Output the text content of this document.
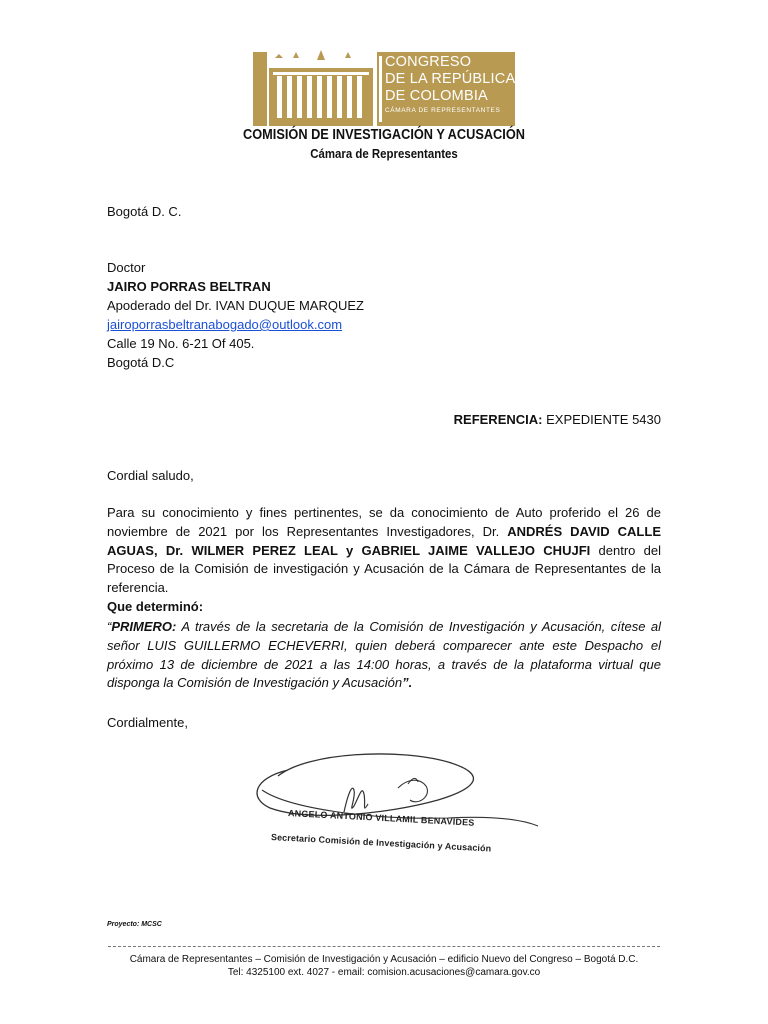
CONGRESO
DE LA REPÚBLICA
DE COLOMBIA
CÁMARA DE REPRESENTANTES
COMISIÓN DE INVESTIGACIÓN Y ACUSACIÓN
Cámara de Representantes
Bogotá D. C.
Doctor
JAIRO PORRAS BELTRAN
Apoderado del Dr. IVAN DUQUE MARQUEZ
jairoporrasbeltranabogado@outlook.com
Calle 19 No. 6-21 Of 405.
Bogotá D.C
REFERENCIA: EXPEDIENTE 5430
Cordial saludo,
Para su conocimiento y fines pertinentes, se da conocimiento de Auto proferido el 26 de noviembre de 2021 por los Representantes Investigadores, Dr. ANDRÉS DAVID CALLE AGUAS, Dr. WILMER PEREZ LEAL y GABRIEL JAIME VALLEJO CHUJFI dentro del Proceso de la Comisión de investigación y Acusación de la Cámara de Representantes de la referencia.
Que determinó:
“PRIMERO: A través de la secretaria de la Comisión de Investigación y Acusación, cítese al señor LUIS GUILLERMO ECHEVERRI, quien deberá comparecer ante este Despacho el próximo 13 de diciembre de 2021 a las 14:00 horas, a través de la plataforma virtual que disponga la Comisión de Investigación y Acusación”.
Cordialmente,
ANGELO ANTONIO VILLAMIL BENAVIDES
Secretario Comisión de Investigación y Acusación
Proyecto: MCSC
Cámara de Representantes – Comisión de Investigación y Acusación – edificio Nuevo del Congreso – Bogotá D.C.
Tel: 4325100 ext. 4027 - email: comision.acusaciones@camara.gov.co
